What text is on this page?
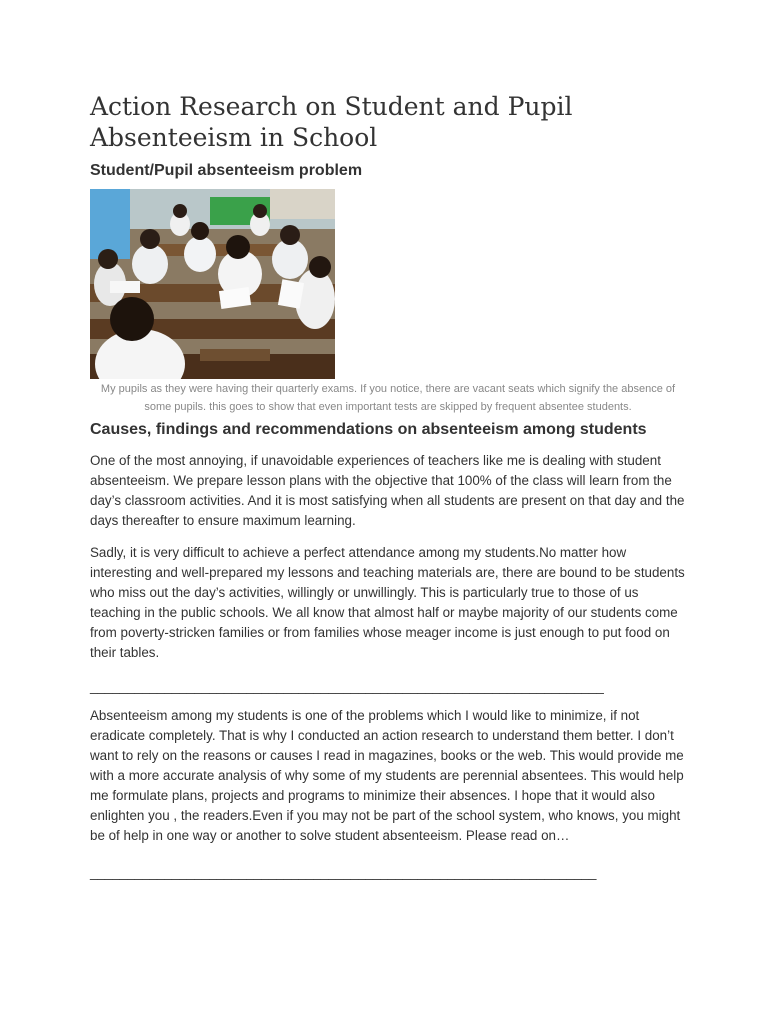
Action Research on Student and Pupil Absenteeism in School
Student/Pupil absenteeism problem

My pupils as they were having their quarterly exams. If you notice, there are vacant seats which signify the absence of some pupils. this goes to show that even important tests are skipped by frequent absentee students.

Causes, findings and recommendations on absenteeism among students

One of the most annoying, if unavoidable experiences of teachers like me is dealing with student absenteeism. We prepare lesson plans with the objective that 100% of the class will learn from the day’s classroom activities. And it is most satisfying when all students are present on that day and the days thereafter to ensure maximum learning.

Sadly, it is very difficult to achieve a perfect attendance among my students.No matter how interesting and well-prepared my lessons and teaching materials are, there are bound to be students who miss out the day’s activities, willingly or unwillingly. This is particularly true to those of us teaching in the public schools. We all know that almost half or maybe majority of our students come from poverty-stricken families or from families whose meager income is just enough to put food on their tables.

_____________________________________________________________________

Absenteeism among my students is one of the problems which I would like to minimize, if not eradicate completely. That is why I conducted an action research to understand them better. I don’t want to rely on the reasons or causes I read in magazines, books or the web. This would provide me with a more accurate analysis of why some of my students are perennial absentees. This would help me formulate plans, projects and programs to minimize their absences. I hope that it would also enlighten you , the readers.Even if you may not be part of the school system, who knows, you might be of help in one way or another to solve student absenteeism. Please read on…

____________________________________________________________________
